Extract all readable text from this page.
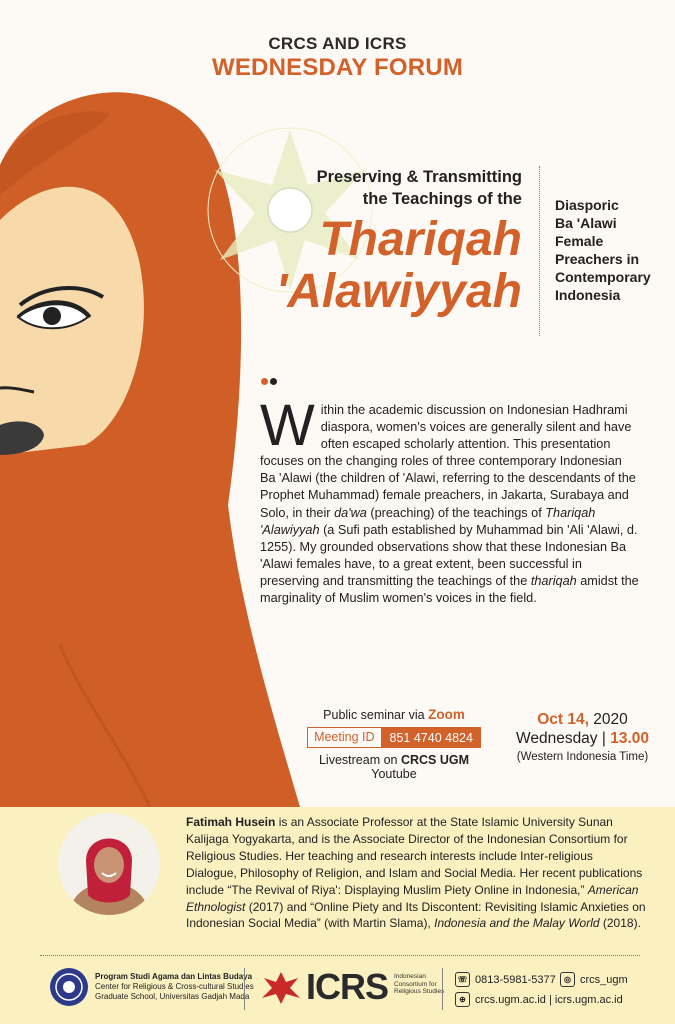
CRCS AND ICRS
WEDNESDAY FORUM
Preserving & Transmitting
the Teachings of the
Thariqah
'Alawiyyah
Diasporic
Ba 'Alawi
Female
Preachers in
Contemporary
Indonesia
Within the academic discussion on Indonesian Hadhrami diaspora, women's voices are generally silent and have often escaped scholarly attention. This presentation focuses on the changing roles of three contemporary Indonesian Ba 'Alawi (the children of 'Alawi, referring to the descendants of the Prophet Muhammad) female preachers, in Jakarta, Surabaya and Solo, in their da'wa (preaching) of the teachings of Thariqah 'Alawiyyah (a Sufi path established by Muhammad bin 'Ali 'Alawi, d. 1255). My grounded observations show that these Indonesian Ba 'Alawi females have, to a great extent, been successful in preserving and transmitting the teachings of the thariqah amidst the marginality of Muslim women's voices in the field.
Public seminar via Zoom
Meeting ID	851 4740 4824
Livestream on CRCS UGM Youtube
Oct 14, 2020
Wednesday | 13.00
(Western Indonesia Time)
Fatimah Husein is an Associate Professor at the State Islamic University Sunan Kalijaga Yogyakarta, and is the Associate Director of the Indonesian Consortium for Religious Studies. Her teaching and research interests include Inter-religious Dialogue, Philosophy of Religion, and Islam and Social Media. Her recent publications include “The Revival of Riya': Displaying Muslim Piety Online in Indonesia,” American Ethnologist (2017) and “Online Piety and Its Discontent: Revisiting Islamic Anxieties on Indonesian Social Media” (with Martin Slama), Indonesia and the Malay World (2018).
Program Studi Agama dan Lintas Budaya
Center for Religious & Cross-cultural Studies
Graduate School, Universitas Gadjah Mada ICRS Indonesian Consortium for Religious Studies
☏ 0813-5981-5377	◎ crcs_ugm
⊕ crcs.ugm.ac.id | icrs.ugm.ac.id
